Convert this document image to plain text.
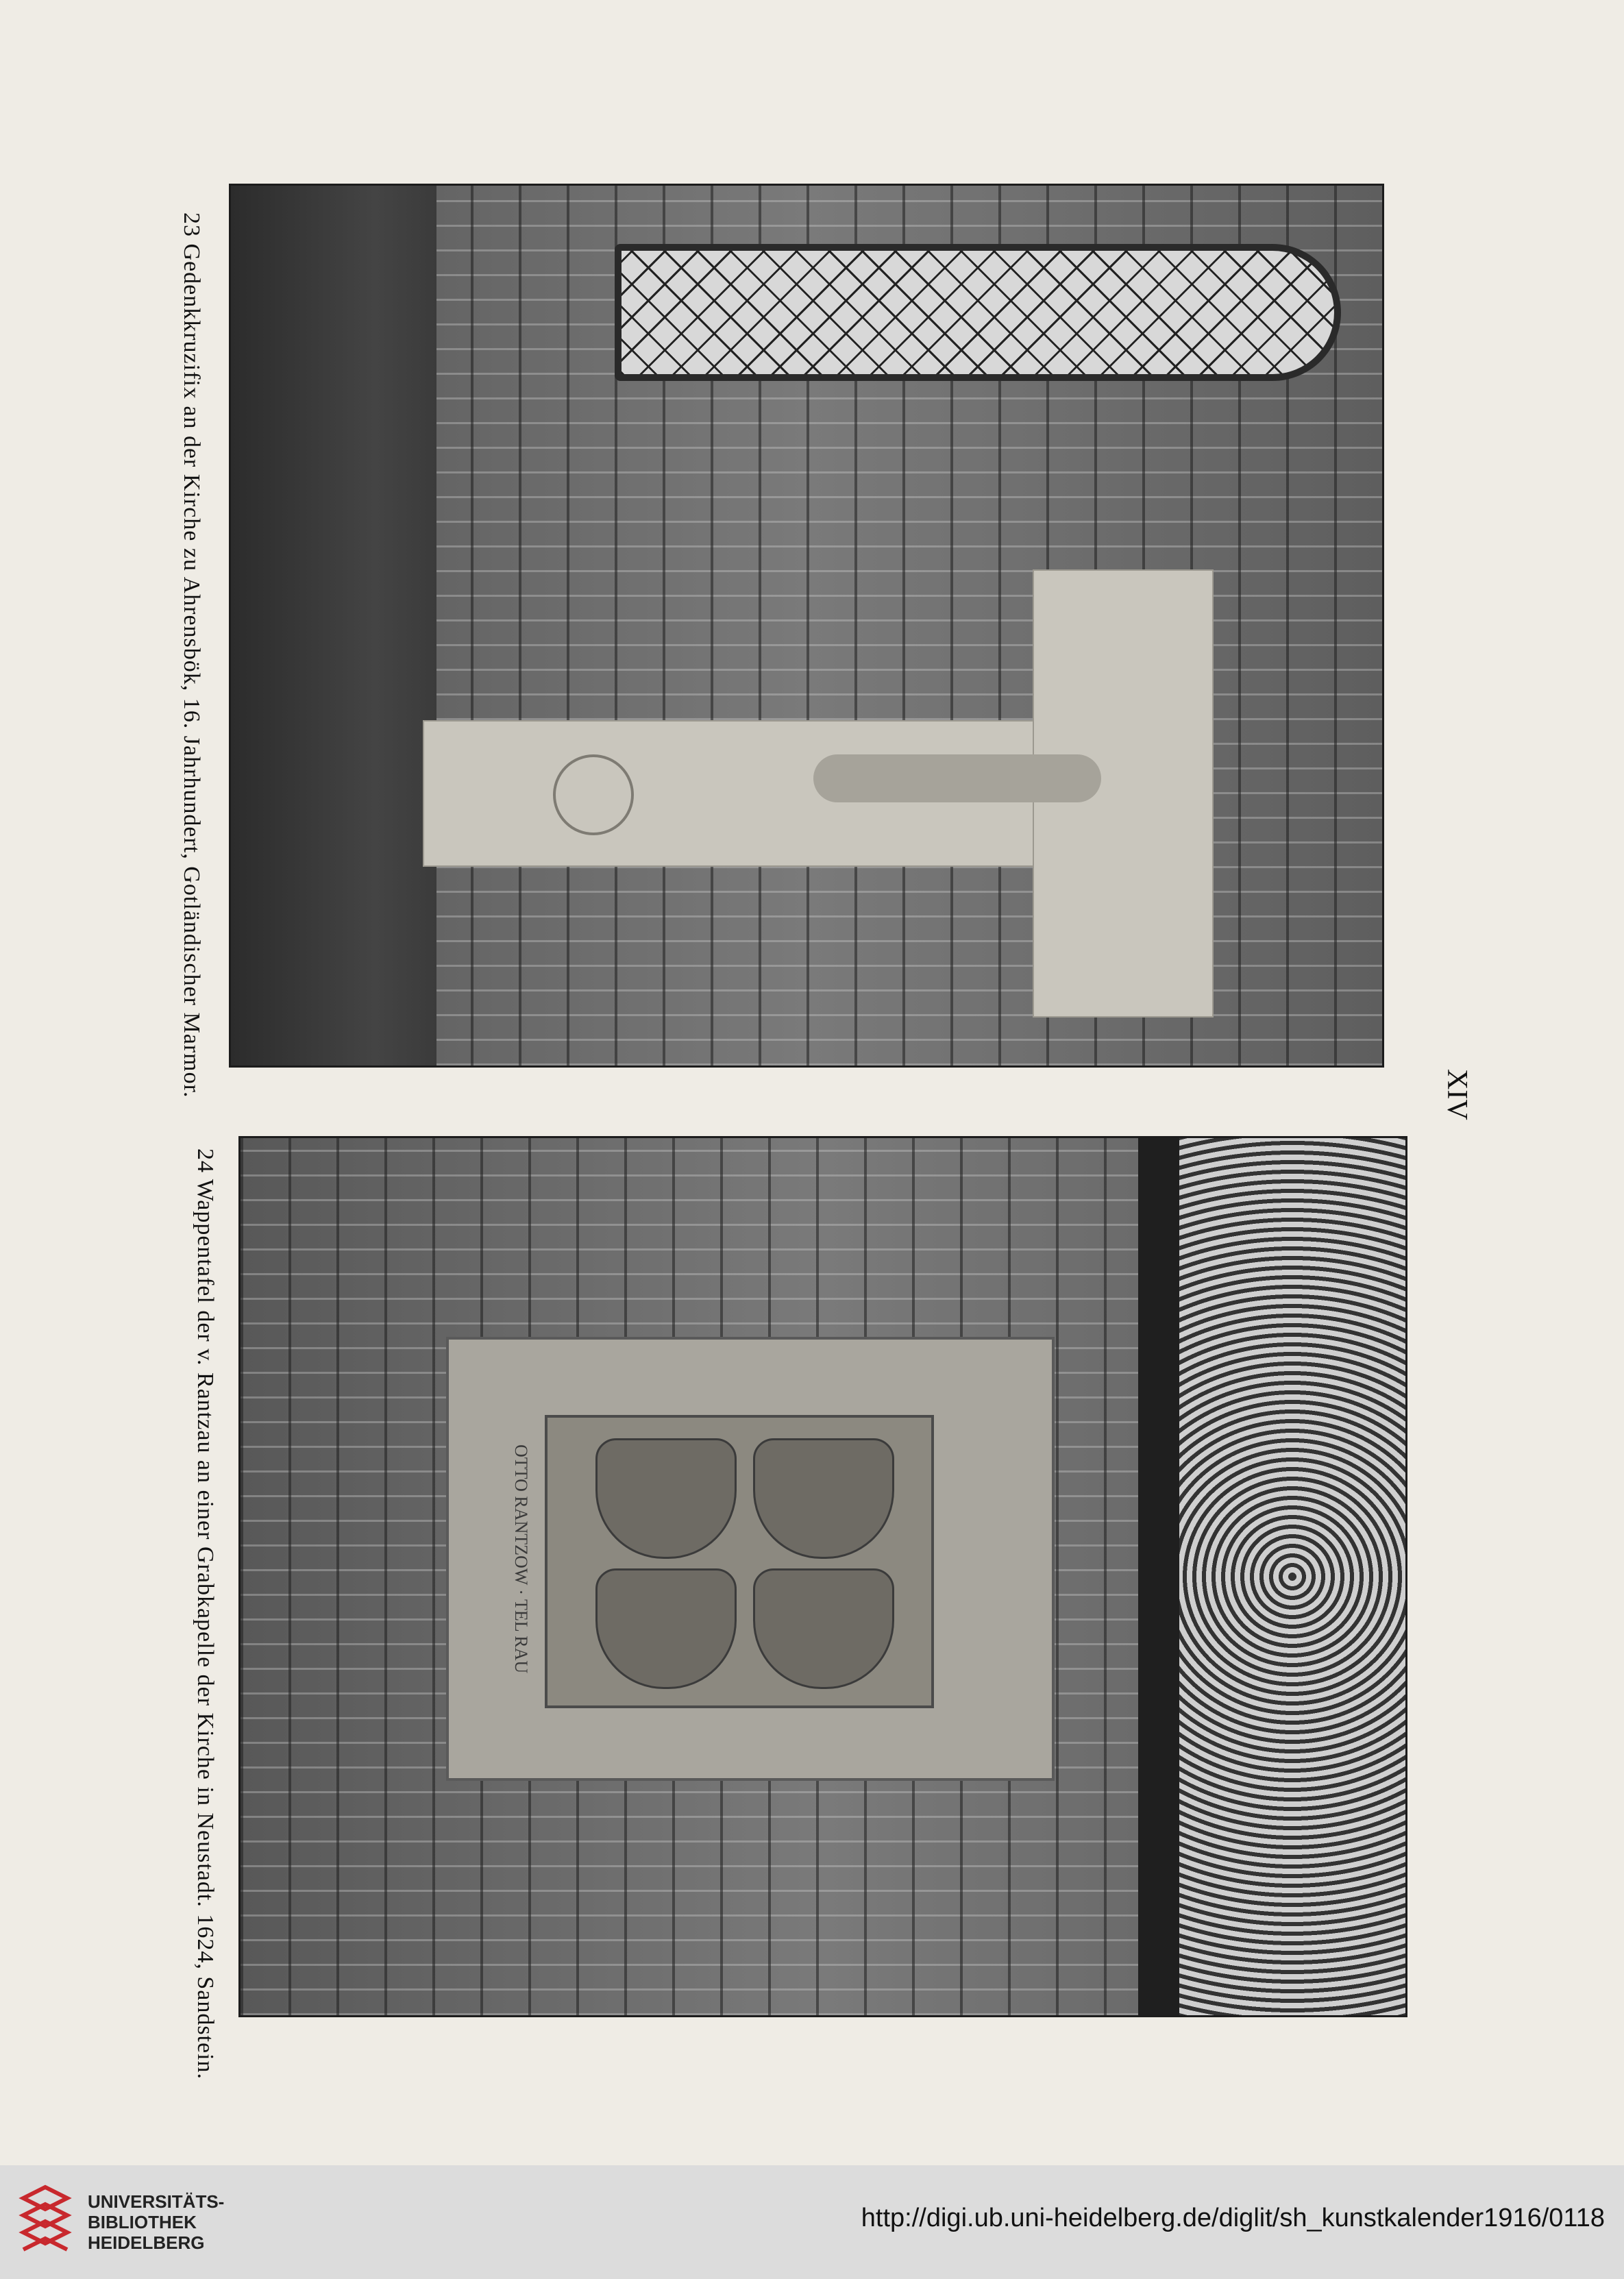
23 Gedenkkruzifix an der Kirche zu Ahrensbök, 16. Jahrhundert, Gotländischer Marmor.	XIV
24 Wappentafel der v. Rantzau an einer Grabkapelle der Kirche in Neustadt. 1624, Sandstein.	OTTO RANTZOW · TEL RAU
UNIVERSITÄTS-
BIBLIOTHEK
HEIDELBERG
http://digi.ub.uni-heidelberg.de/diglit/sh_kunstkalender1916/0118
